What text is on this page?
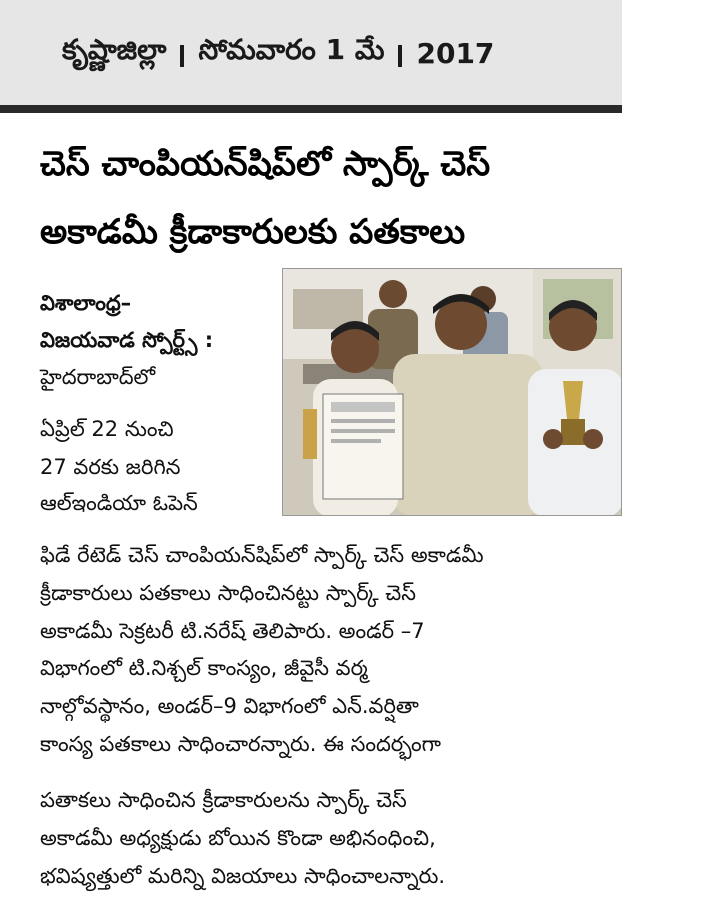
కృష్ణాజిల్లా సోమవారం 1 మే 2017
చెస్ చాంపియన్‌షిప్‌లో స్పార్క్ చెస్
అకాడమీ క్రీడాకారులకు పతకాలు
విశాలాంధ్ర–
విజయవాడ స్పోర్ట్స్ :
హైదరాబాద్‌లో
ఏప్రిల్ 22 నుంచి
27 వరకు జరిగిన
ఆల్‌ఇండియా ఓపెన్
ఫిడే రేటెడ్ చెస్ చాంపియన్‌షిప్‌లో స్పార్క్ చెస్ అకాడమీ
క్రీడాకారులు పతకాలు సాధించినట్టు స్పార్క్ చెస్
అకాడమీ సెక్రటరీ టి.నరేష్ తెలిపారు. అండర్ –7
విభాగంలో టి.నిశ్చల్ కాంస్యం, జీవైసీ వర్మ
నాల్గోవస్థానం, అండర్–9 విభాగంలో ఎన్.వర్షితా
కాంస్య పతకాలు సాధించారన్నారు. ఈ సందర్భంగా
పతాకలు సాధించిన క్రీడాకారులను స్పార్క్ చెస్
అకాడమీ అధ్యక్షుడు బోయిన కొండా అభినంధించి,
భవిష్యత్తులో మరిన్ని విజయాలు సాధించాలన్నారు.
